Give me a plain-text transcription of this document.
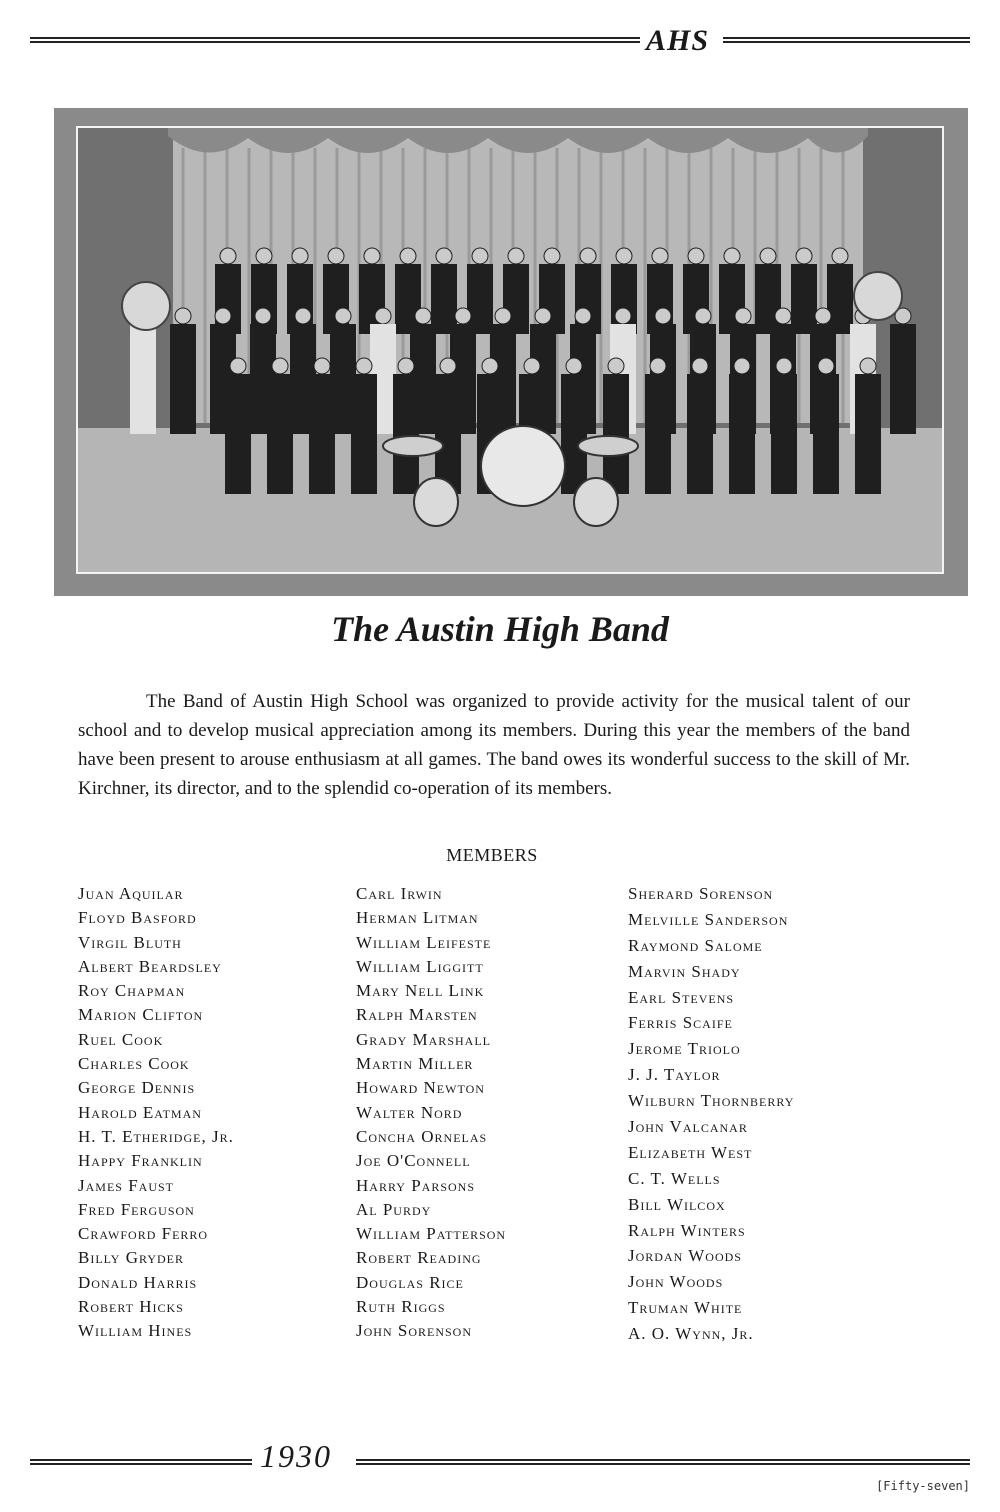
AHS
The Austin High Band

The Band of Austin High School was organized to provide activity for the musical talent of our school and to develop musical appreciation among its members. During this year the members of the band have been present to arouse enthusiasm at all games. The band owes its wonderful success to the skill of Mr. Kirchner, its director, and to the splendid co-operation of its members.

MEMBERS
Juan Aquilar
Floyd Basford
Virgil Bluth
Albert Beardsley
Roy Chapman
Marion Clifton
Ruel Cook
Charles Cook
George Dennis
Harold Eatman
H. T. Etheridge, Jr.
Happy Franklin
James Faust
Fred Ferguson
Crawford Ferro
Billy Gryder
Donald Harris
Robert Hicks
William Hines
Carl Irwin
Herman Litman
William Leifeste
William Liggitt
Mary Nell Link
Ralph Marsten
Grady Marshall
Martin Miller
Howard Newton
Walter Nord
Concha Ornelas
Joe O'Connell
Harry Parsons
Al Purdy
William Patterson
Robert Reading
Douglas Rice
Ruth Riggs
John Sorenson
Sherard Sorenson
Melville Sanderson
Raymond Salome
Marvin Shady
Earl Stevens
Ferris Scaife
Jerome Triolo
J. J. Taylor
Wilburn Thornberry
John Valcanar
Elizabeth West
C. T. Wells
Bill Wilcox
Ralph Winters
Jordan Woods
John Woods
Truman White
A. O. Wynn, Jr.
1930
[Fifty-seven]
